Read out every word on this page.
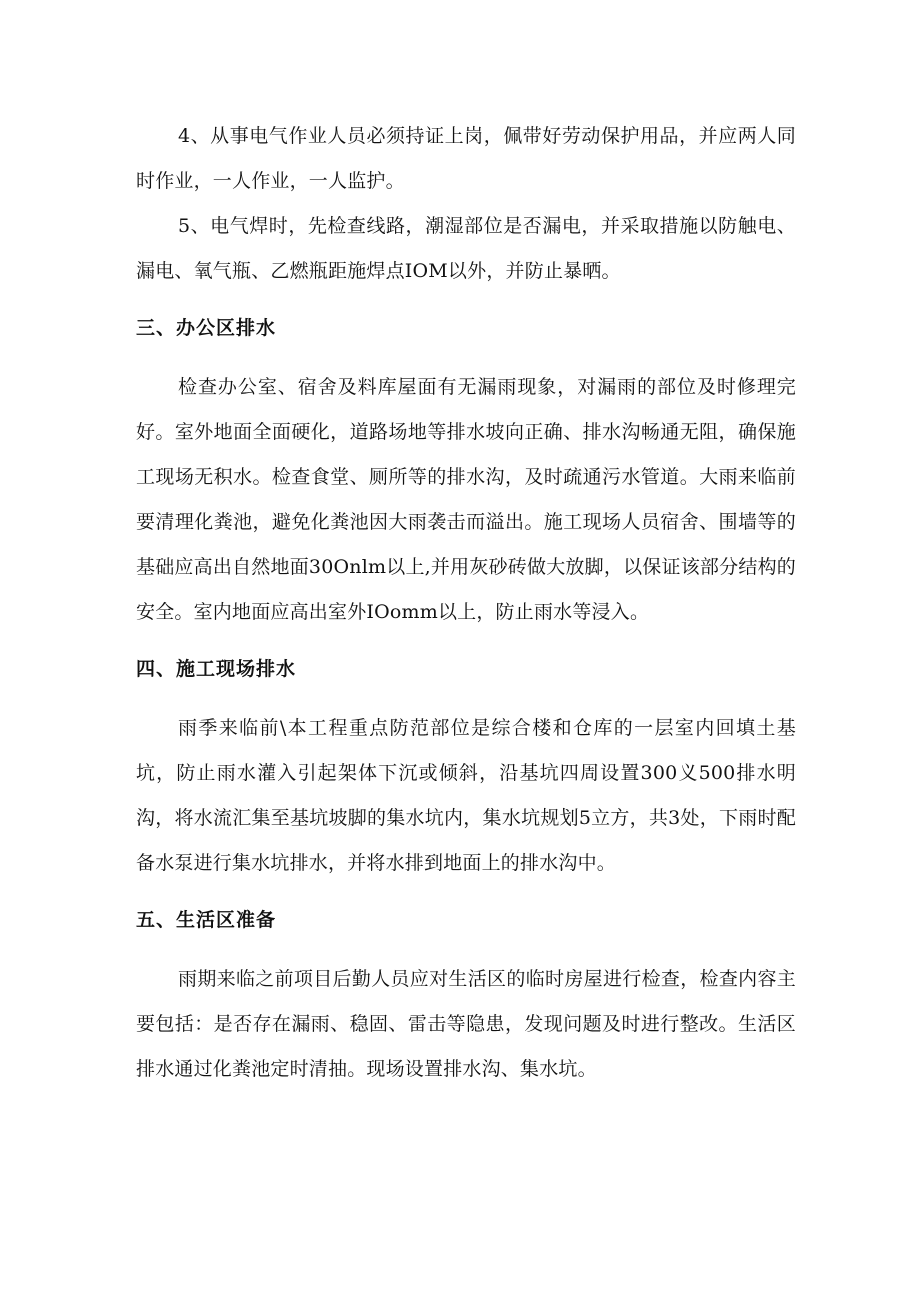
4、从事电气作业人员必须持证上岗，佩带好劳动保护用品，并应两人同时作业，一人作业，一人监护。

5、电气焊时，先检查线路，潮湿部位是否漏电，并采取措施以防触电、漏电、氧气瓶、乙燃瓶距施焊点IOM以外，并防止暴晒。

三、办公区排水

检查办公室、宿舍及料库屋面有无漏雨现象，对漏雨的部位及时修理完好。室外地面全面硬化，道路场地等排水坡向正确、排水沟畅通无阻，确保施工现场无积水。检查食堂、厕所等的排水沟，及时疏通污水管道。大雨来临前要清理化粪池，避免化粪池因大雨袭击而溢出。施工现场人员宿舍、围墙等的基础应高出自然地面30Onlm以上,并用灰砂砖做大放脚，以保证该部分结构的安全。室内地面应高出室外IOomm以上，防止雨水等浸入。

四、施工现场排水

雨季来临前\本工程重点防范部位是综合楼和仓库的一层室内回填土基坑，防止雨水灌入引起架体下沉或倾斜，沿基坑四周设置300义500排水明沟，将水流汇集至基坑坡脚的集水坑内，集水坑规划5立方，共3处，下雨时配备水泵进行集水坑排水，并将水排到地面上的排水沟中。

五、生活区准备

雨期来临之前项目后勤人员应对生活区的临时房屋进行检查，检查内容主要包括：是否存在漏雨、稳固、雷击等隐患，发现问题及时进行整改。生活区排水通过化粪池定时清抽。现场设置排水沟、集水坑。
